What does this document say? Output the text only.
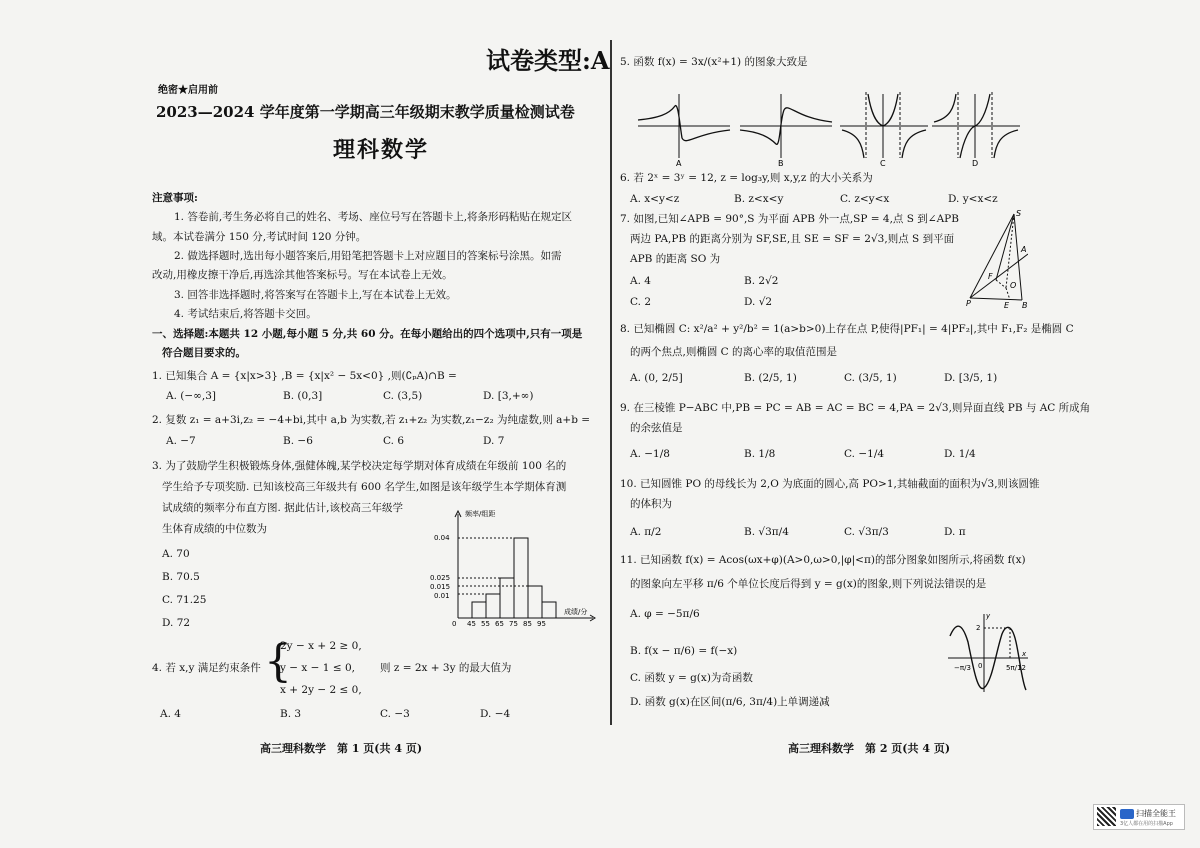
试卷类型:A
绝密★启用前
2023—2024 学年度第一学期高三年级期末教学质量检测试卷
理科数学
注意事项:
1. 答卷前,考生务必将自己的姓名、考场、座位号写在答题卡上,将条形码粘贴在规定区
域。本试卷满分 150 分,考试时间 120 分钟。
2. 做选择题时,选出每小题答案后,用铅笔把答题卡上对应题目的答案标号涂黑。如需
改动,用橡皮擦干净后,再选涂其他答案标号。写在本试卷上无效。
3. 回答非选择题时,将答案写在答题卡上,写在本试卷上无效。
4. 考试结束后,将答题卡交回。
一、选择题:本题共 12 小题,每小题 5 分,共 60 分。在每小题给出的四个选项中,只有一项是
符合题目要求的。
1. 已知集合 A = {x|x>3} ,B = {x|x² − 5x<0} ,则(∁ₚA)∩B =
A. (−∞,3]	B. (0,3]	C. (3,5)	D. [3,+∞)
2. 复数 z₁ = a+3i,z₂ = −4+bi,其中 a,b 为实数,若 z₁+z₂ 为实数,z₁−z₂ 为纯虚数,则 a+b =
A. −7	B. −6	C. 6	D. 7
3. 为了鼓励学生积极锻炼身体,强健体魄,某学校决定每学期对体育成绩在年级前 100 名的
学生给予专项奖励. 已知该校高三年级共有 600 名学生,如图是该年级学生本学期体育测
试成绩的频率分布直方图. 据此估计,该校高三年级学
生体育成绩的中位数为
A. 70
B. 70.5
C. 71.25
D. 72
频率/组距
成绩/分
0.04
0.025
0.015
0.01
0 45 55 65 75 85 95
4. 若 x,y 满足约束条件 {
2y − x + 2 ≥ 0,
y − x − 1 ≤ 0,
x + 2y − 2 ≤ 0,
则 z = 2x + 3y 的最大值为
A. 4	B. 3	C. −3	D. −4
高三理科数学　第 1 页(共 4 页)
5. 函数 f(x) = 3x/(x²+1) 的图象大致是
A	B	C	D
6. 若 2ˣ = 3ʸ = 12, z = log₃y,则 x,y,z 的大小关系为
A. x<y<z	B. z<x<y	C. z<y<x	D. y<x<z
7. 如图,已知∠APB = 90°,S 为平面 APB 外一点,SP = 4,点 S 到∠APB
两边 PA,PB 的距离分别为 SF,SE,且 SE = SF = 2√3,则点 S 到平面
APB 的距离 SO 为
A. 4	B. 2√2
C. 2	D. √2
S
A
F
O
P	E B
8. 已知椭圆 C: x²/a² + y²/b² = 1(a>b>0)上存在点 P,使得|PF₁| = 4|PF₂|,其中 F₁,F₂ 是椭圆 C
的两个焦点,则椭圆 C 的离心率的取值范围是
A. (0, 2/5]	B. (2/5, 1)	C. (3/5, 1)	D. [3/5, 1)
9. 在三棱锥 P−ABC 中,PB = PC = AB = AC = BC = 4,PA = 2√3,则异面直线 PB 与 AC 所成角
的余弦值是
A. −1/8	B. 1/8	C. −1/4	D. 1/4
10. 已知圆锥 PO 的母线长为 2,O 为底面的圆心,高 PO>1,其轴截面的面积为√3,则该圆锥
的体积为
A. π/2	B. √3π/4	C. √3π/3	D. π
11. 已知函数 f(x) = Acos(ωx+φ)(A>0,ω>0,|φ|<π)的部分图象如图所示,将函数 f(x)
的图象向左平移 π/6 个单位长度后得到 y = g(x)的图象,则下列说法错误的是
A. φ = −5π/6
B. f(x − π/6) = f(−x)
C. 函数 y = g(x)为奇函数
D. 函数 g(x)在区间(π/6, 3π/4)上单调递减
2
−π/3 0	5π/12
x
y
高三理科数学　第 2 页(共 4 页)
扫描全能王
3亿人都在用的扫描App
